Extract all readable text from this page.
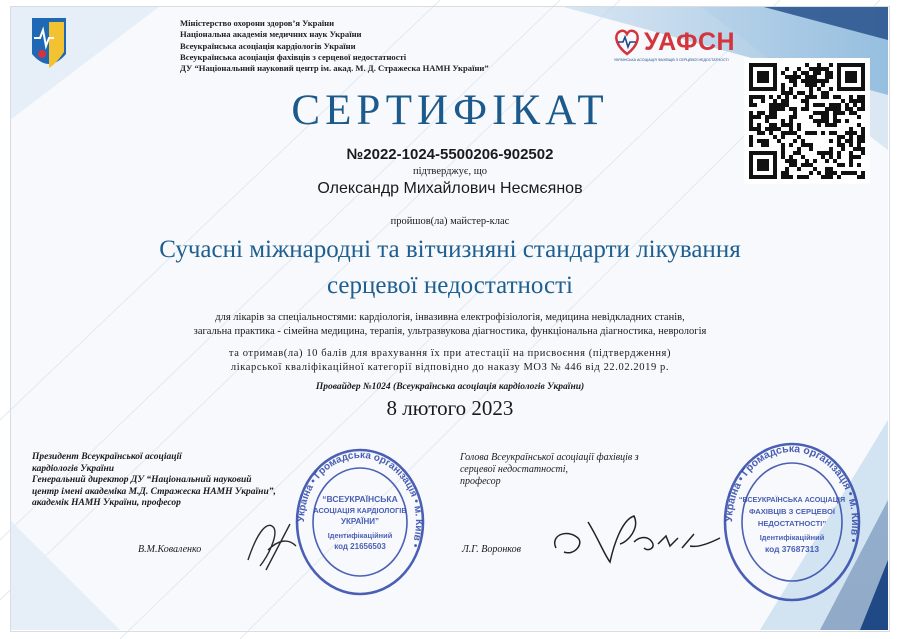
Міністерство охорони здоров’я України
Національна академія медичних наук України
Всеукраїнська асоціація кардіологів України
Всеукраїнська асоціація фахівців з серцевої недостатності
ДУ “Національний науковий центр ім. акад. М. Д. Стражеска НАМН України”
УАФСН
УКРАЇНСЬКА АСОЦІАЦІЯ ФАХІВЦІВ З СЕРЦЕВОЇ НЕДОСТАТНОСТІ
СЕРТИФІКАТ
№2022-1024-5500206-902502
підтверджує, що
Олександр Михайлович Несмєянов
пройшов(ла) майстер-клас
Сучасні міжнародні та вітчизняні стандарти лікування
серцевої недостатності
для лікарів за спеціальностями: кардіологія, інвазивна електрофізіологія, медицина невідкладних станів,
загальна практика - сімейна медицина, терапія, ультразвукова діагностика, функціональна діагностика, неврологія
та отримав(ла) 10 балів для врахування їх при атестації на присвоєння (підтвердження)
лікарської кваліфікаційної категорії відповідно до наказу МОЗ № 446 від 22.02.2019 р.
Провайдер №1024 (Всеукраїнська асоціація кардіологів України)
8 лютого 2023
Президент Всеукраїнської асоціації
кардіологів України
Генеральний директор ДУ “Національний науковий
центр імені академіка М.Д. Стражеска НАМН України”,
академік НАМН України, професор
В.М.Коваленко
Україна • Громадська організація • м. Київ •
“ВСЕУКРАЇНСЬКА
АСОЦІАЦІЯ КАРДІОЛОГІВ
УКРАЇНИ”
Ідентифікаційний
код 21656503
Голова Всеукраїнської асоціації фахівців з
серцевої недостатності,
професор
Л.Г. Воронков
Україна • Громадська організація • м. Київ •
“ВСЕУКРАЇНСЬКА АСОЦІАЦІЯ
ФАХІВЦІВ З СЕРЦЕВОЇ
НЕДОСТАТНОСТІ”
Ідентифікаційний
код 37687313
